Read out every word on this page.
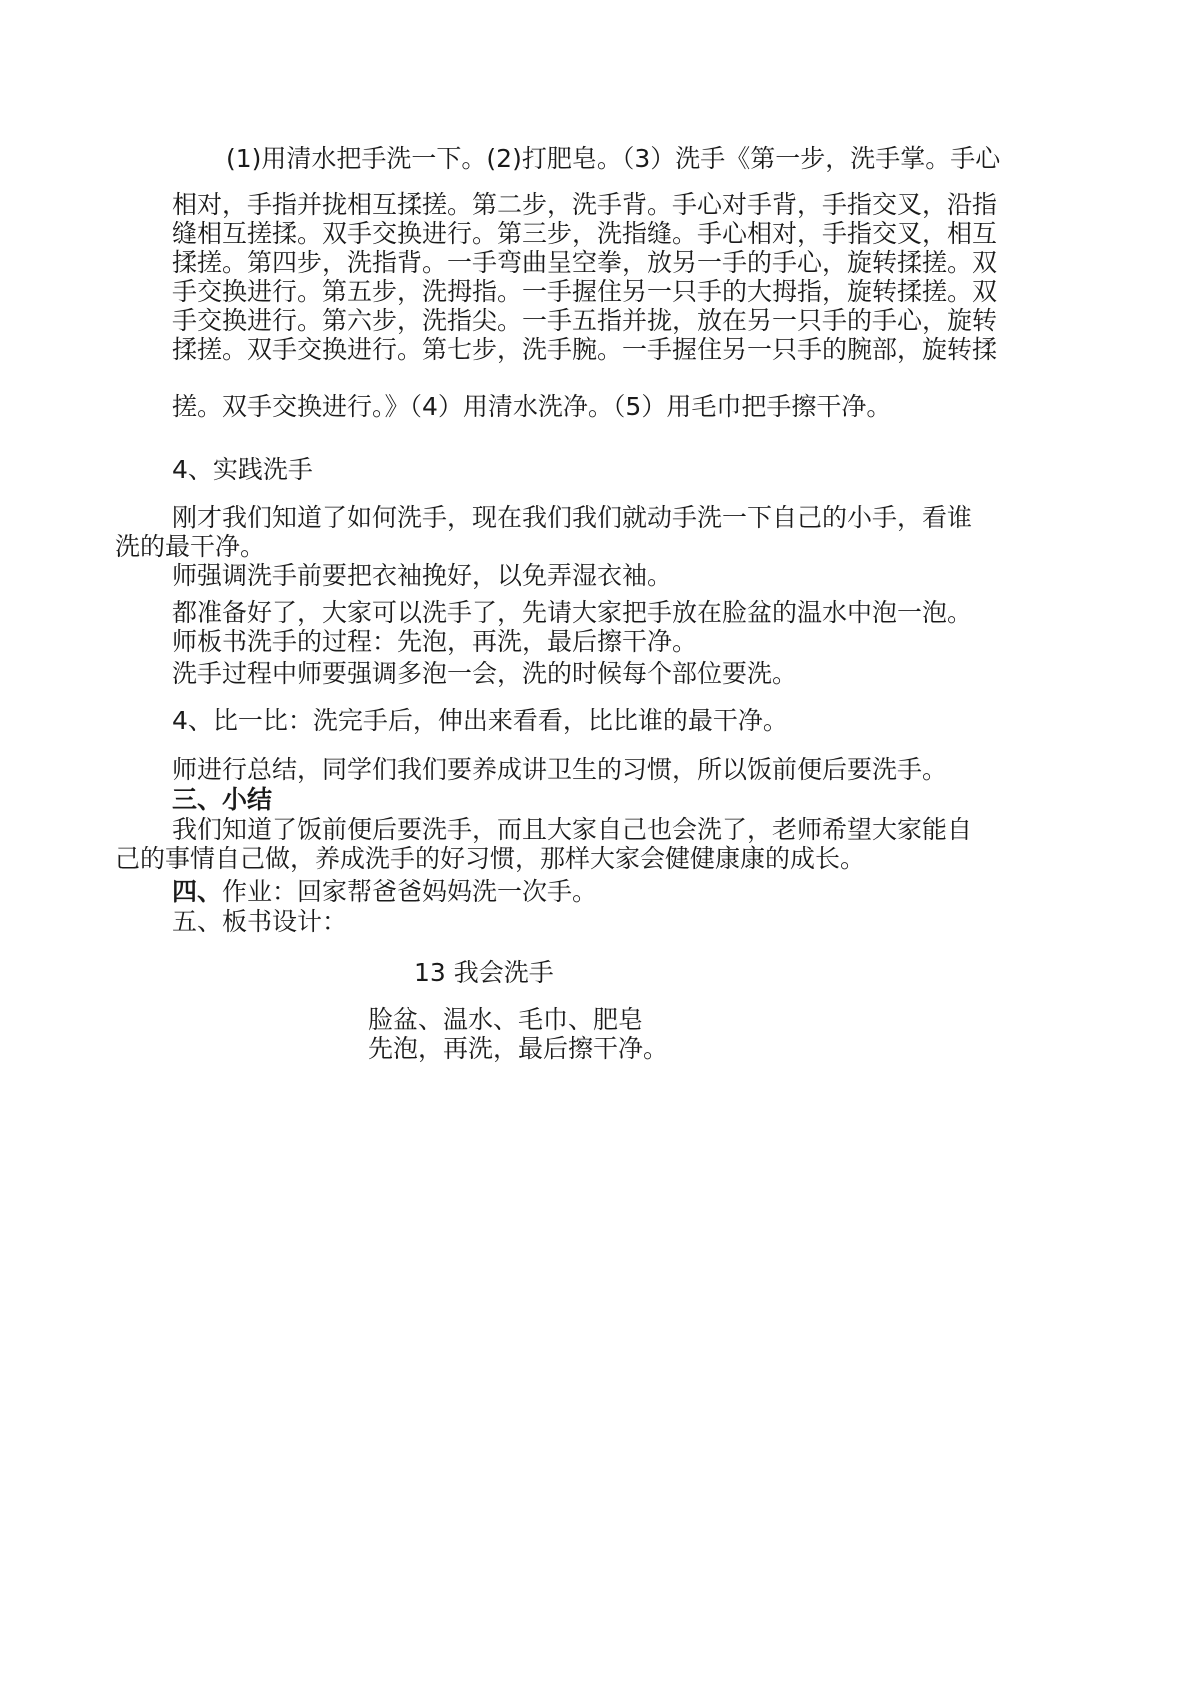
(1)用清水把手洗一下。(2)打肥皂。（3）洗手《第一步，洗手掌。手心
相对，手指并拢相互揉搓。第二步，洗手背。手心对手背，手指交叉，沿指
缝相互搓揉。双手交换进行。第三步，洗指缝。手心相对，手指交叉，相互
揉搓。第四步，洗指背。一手弯曲呈空拳，放另一手的手心，旋转揉搓。双
手交换进行。第五步，洗拇指。一手握住另一只手的大拇指，旋转揉搓。双
手交换进行。第六步，洗指尖。一手五指并拢，放在另一只手的手心，旋转
揉搓。双手交换进行。第七步，洗手腕。一手握住另一只手的腕部，旋转揉
搓。双手交换进行。》（4）用清水洗净。（5）用毛巾把手擦干净。
4、实践洗手
刚才我们知道了如何洗手，现在我们我们就动手洗一下自己的小手，看谁
洗的最干净。
师强调洗手前要把衣袖挽好，以免弄湿衣袖。
都准备好了，大家可以洗手了，先请大家把手放在脸盆的温水中泡一泡。
师板书洗手的过程：先泡，再洗，最后擦干净。
洗手过程中师要强调多泡一会，洗的时候每个部位要洗。
4、比一比：洗完手后，伸出来看看，比比谁的最干净。
师进行总结，同学们我们要养成讲卫生的习惯，所以饭前便后要洗手。
三、小结
我们知道了饭前便后要洗手，而且大家自己也会洗了，老师希望大家能自
己的事情自己做，养成洗手的好习惯，那样大家会健健康康的成长。
四、作业：回家帮爸爸妈妈洗一次手。
五、板书设计：
13 我会洗手
脸盆、温水、毛巾、肥皂
先泡，再洗，最后擦干净。
